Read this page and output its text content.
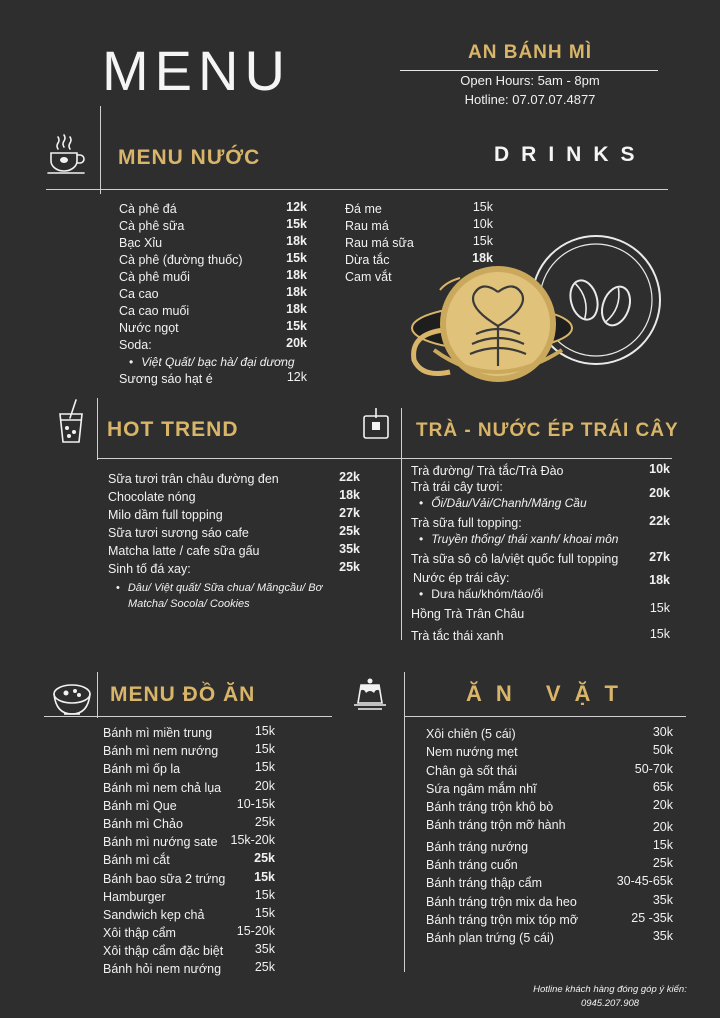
MENU	AN BÁNH MÌ
Open Hours: 5am - 8pm
Hotline: 07.07.07.4877
MENU NƯỚC	DRINKS
Cà phê đá	12k
Cà phê sữa	15k
Bạc Xỉu	18k
Cà phê (đường thuốc)	15k
Cà phê muối	18k
Ca cao	18k
Ca cao muối	18k
Nước ngọt	15k
Soda:	20k
• Việt Quất/ bạc hà/ đại dương
Sương sáo hạt é	12k
Đá me	15k
Rau má	10k
Rau má sữa	15k
Dừa tắc	18k
Cam vắt
HOT TREND	TRÀ - NƯỚC ÉP TRÁI CÂY
Sữa tươi trân châu đường đen	22k
Chocolate nóng	18k
Milo dầm full topping	27k
Sữa tươi sương sáo cafe	25k
Matcha latte / cafe sữa gấu	35k
Sinh tố đá xay:	25k
• Dâu/ Việt quất/ Sữa chua/ Mãngcầu/ Bơ
Matcha/ Socola/ Cookies
Trà đường/ Trà tắc/Trà Đào	10k
Trà trái cây tươi:	20k
• Ổi/Dâu/Vải/Chanh/Măng Cầu
Trà sữa full topping:	22k
• Truyền thống/ thái xanh/ khoai môn
Trà sữa sô cô la/việt quốc full topping 27k
Nước ép trái cây:	18k
• Dưa hấu/khóm/táo/ổi
Hồng Trà Trân Châu	15k
Trà tắc thái xanh	15k
MENU ĐỒ ĂN	ĂN VẶT
Bánh mì miền trung	15k
Bánh mì nem nướng	15k
Bánh mì ốp la	15k
Bánh mì nem chả lụa	20k
Bánh mì Que	10-15k
Bánh mì Chảo	25k
Bánh mì nướng sate 15k-20k
Bánh mì cắt	25k
Bánh bao sữa 2 trứng 15k
Hamburger	15k
Sandwich kẹp chả	15k
Xôi thập cẩm	15-20k
Xôi thập cẩm đặc biệt	35k
Bánh hỏi nem nướng	25k
Xôi chiên (5 cái)	30k
Nem nướng mẹt	50k
Chân gà sốt thái	50-70k
Sứa ngâm mắm nhĩ	65k
Bánh tráng trộn khô bò	20k
Bánh tráng trộn mỡ hành	20k
Bánh tráng nướng	15k
Bánh tráng cuốn	25k
Bánh tráng thập cẩm	30-45-65k
Bánh tráng trộn mix da heo	35k
Bánh tráng trộn mix tóp mỡ	25 -35k
Bánh plan trứng (5 cái)	35k
Hotline khách hàng đóng góp ý kiến:
0945.207.908
